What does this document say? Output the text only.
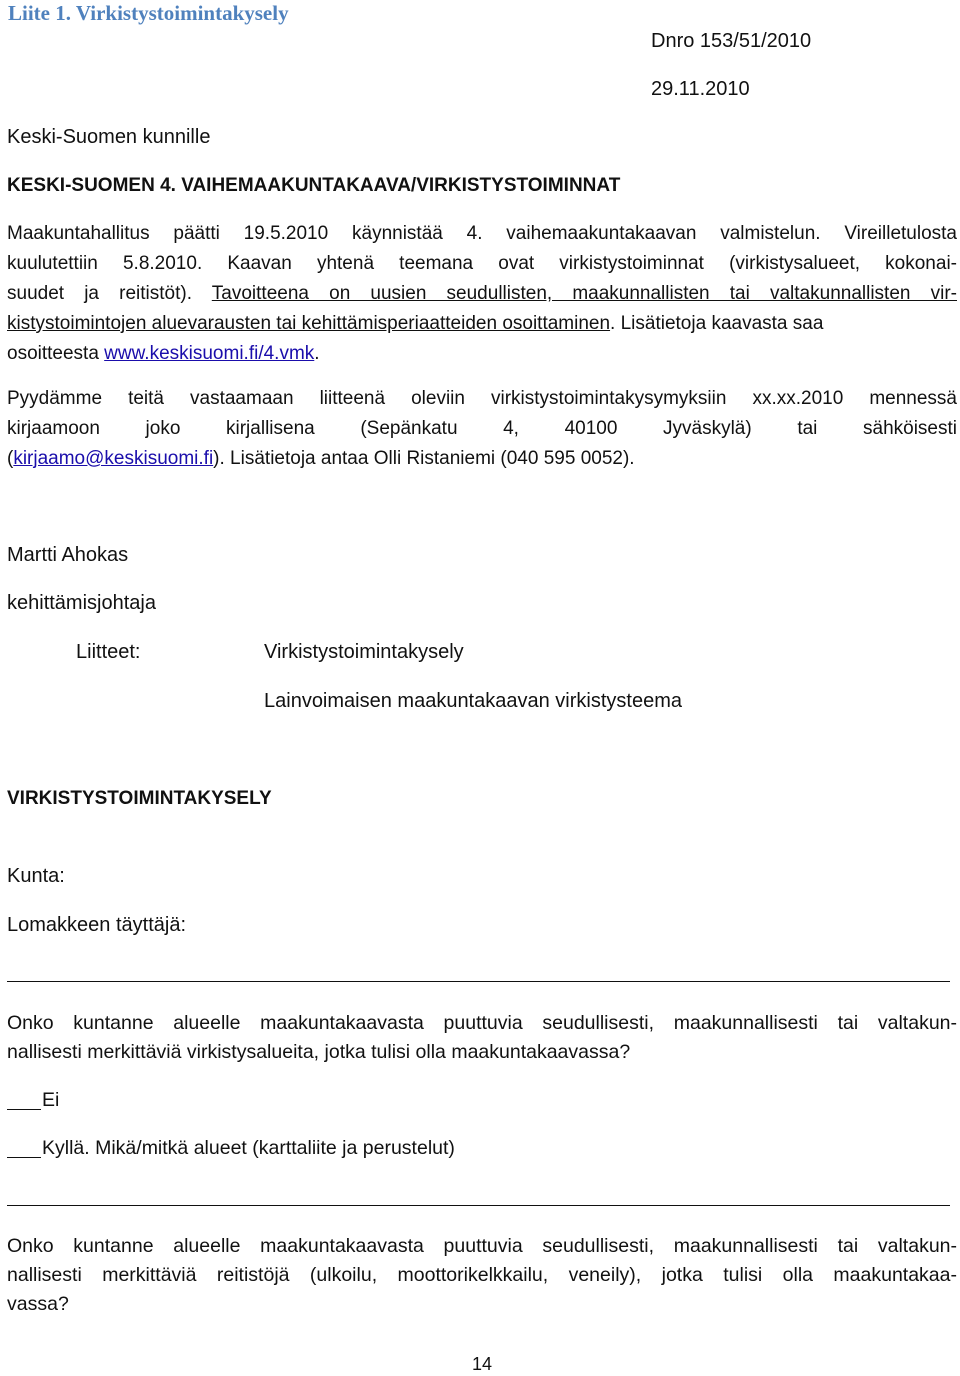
Liite 1. Virkistystoimintakysely
Dnro 153/51/2010
29.11.2010
Keski-Suomen kunnille
KESKI-SUOMEN 4. VAIHEMAAKUNTAKAAVA/VIRKISTYSTOIMINNAT
Maakuntahallitus päätti 19.5.2010 käynnistää 4. vaihemaakuntakaavan valmistelun. Vireilletulosta
kuulutettiin 5.8.2010. Kaavan yhtenä teemana ovat virkistystoiminnat (virkistysalueet, kokonai-
suudet ja reitistöt). Tavoitteena on uusien seudullisten, maakunnallisten tai valtakunnallisten vir-
kistystoimintojen aluevarausten tai kehittämisperiaatteiden osoittaminen. Lisätietoja kaavasta saa
osoitteesta www.keskisuomi.fi/4.vmk.
Pyydämme teitä vastaamaan liitteenä oleviin virkistystoimintakysymyksiin xx.xx.2010 mennessä
kirjaamoon joko kirjallisena (Sepänkatu 4, 40100 Jyväskylä) tai sähköisesti
(kirjaamo@keskisuomi.fi). Lisätietoja antaa Olli Ristaniemi (040 595 0052).
Martti Ahokas
kehittämisjohtaja
Liitteet:	Virkistystoimintakysely
Lainvoimaisen maakuntakaavan virkistysteema
VIRKISTYSTOIMINTAKYSELY
Kunta:
Lomakkeen täyttäjä:
Onko kuntanne alueelle maakuntakaavasta puuttuvia seudullisesti, maakunnallisesti tai valtakun-
nallisesti merkittäviä virkistysalueita, jotka tulisi olla maakuntakaavassa?
Ei
Kyllä. Mikä/mitkä alueet (karttaliite ja perustelut)
Onko kuntanne alueelle maakuntakaavasta puuttuvia seudullisesti, maakunnallisesti tai valtakun-
nallisesti merkittäviä reitistöjä (ulkoilu, moottorikelkkailu, veneily), jotka tulisi olla maakuntakaa-
vassa?
14
